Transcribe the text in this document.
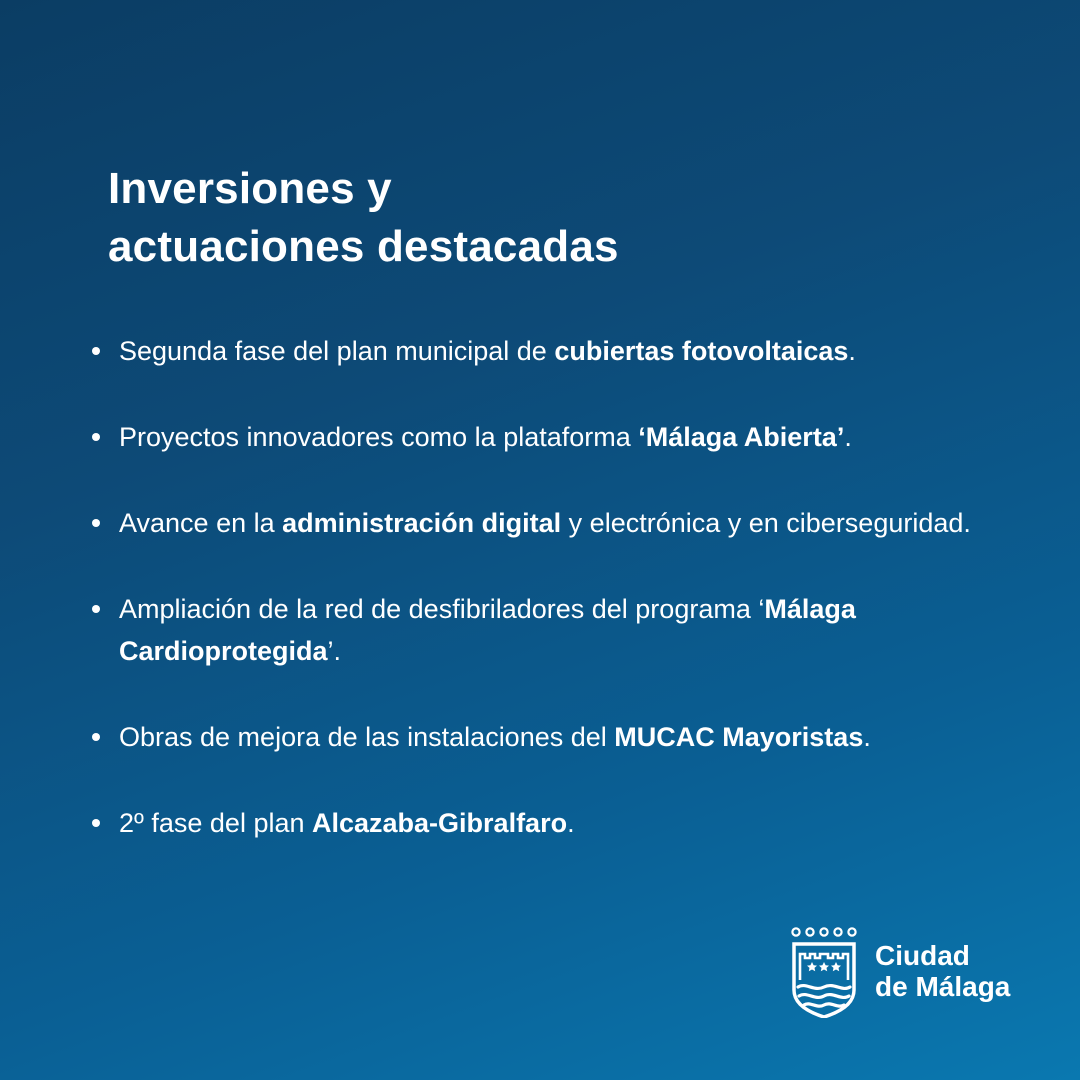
Inversiones y
actuaciones destacadas
Segunda fase del plan municipal de cubiertas fotovoltaicas.
Proyectos innovadores como la plataforma ‘Málaga Abierta’.
Avance en la administración digital y electrónica y en ciberseguridad.
Ampliación de la red de desfibriladores del programa ‘Málaga Cardioprotegida’.
Obras de mejora de las instalaciones del MUCAC Mayoristas.
2º fase del plan Alcazaba-Gibralfaro.
Ciudad
de Málaga
